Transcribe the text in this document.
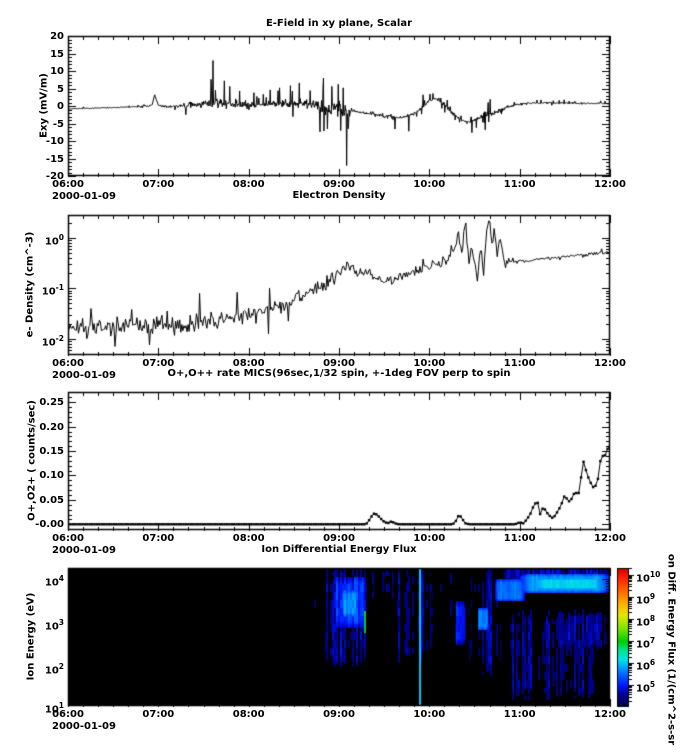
E-Field in xy plane, Scalar
Electron Density
O+,O++ rate MICS(96sec,1/32 spin, +-1deg FOV perp to spin
Ion Differential Energy Flux
Exy (mV/m)
e- Density (cm^-3)
O+,O2+ ( counts/sec)
Ion Energy (eV)	on Diff. Energy Flux (1/(cm^2-s-sr
20
15
10
5
0
-5
-10
-15
-20
06:00	07:00	08:00	09:00	10:00	11:00	12:00
2000-01-09
$10^0$
$10^{-1}$
$10^{-2}$
06:00	07:00	08:00	09:00	10:00	11:00	12:00
2000-01-09
0.25
0.20
0.15
0.10
0.05
-0.00
06:00	07:00	08:00	09:00	10:00	11:00	12:00
2000-01-09
$10^4$
$10^3$
$10^2$
$10^1$
06:00	07:00	08:00	09:00	10:00	11:00	12:00
2000-01-09
$10^{10}$
$10^9$
$10^8$
$10^7$
$10^6$
$10^5$
